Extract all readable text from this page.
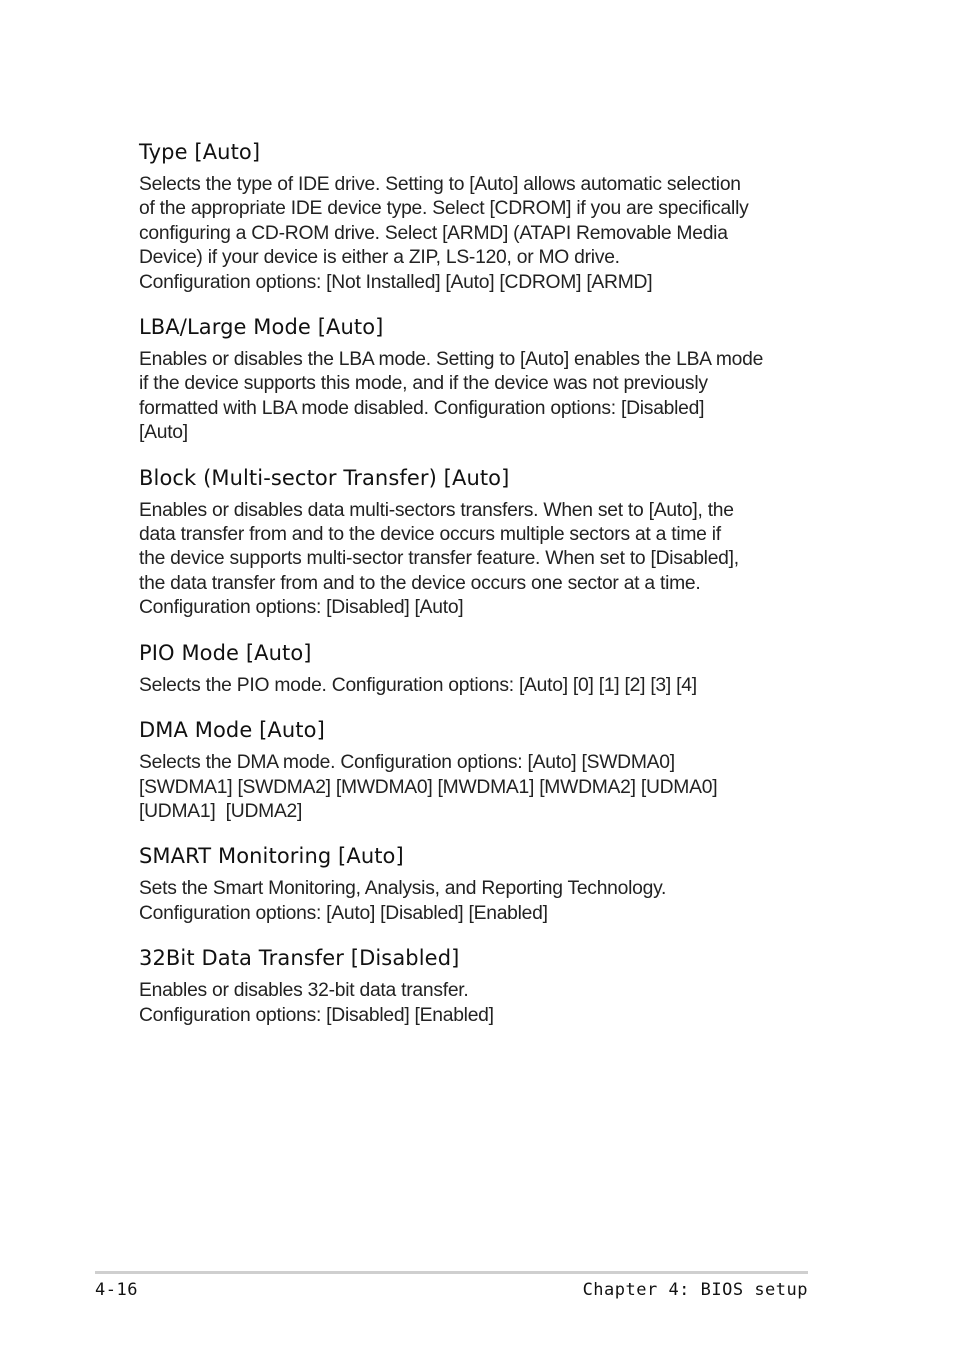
Type [Auto]

Selects the type of IDE drive. Setting to [Auto] allows automatic selection
of the appropriate IDE device type. Select [CDROM] if you are specifically
configuring a CD-ROM drive. Select [ARMD] (ATAPI Removable Media
Device) if your device is either a ZIP, LS-120, or MO drive.
Configuration options: [Not Installed] [Auto] [CDROM] [ARMD]

LBA/Large Mode [Auto]

Enables or disables the LBA mode. Setting to [Auto] enables the LBA mode
if the device supports this mode, and if the device was not previously
formatted with LBA mode disabled. Configuration options: [Disabled]
[Auto]

Block (Multi-sector Transfer) [Auto]

Enables or disables data multi-sectors transfers. When set to [Auto], the
data transfer from and to the device occurs multiple sectors at a time if
the device supports multi-sector transfer feature. When set to [Disabled],
the data transfer from and to the device occurs one sector at a time.
Configuration options: [Disabled] [Auto]

PIO Mode [Auto]

Selects the PIO mode. Configuration options: [Auto] [0] [1] [2] [3] [4]

DMA Mode [Auto]

Selects the DMA mode. Configuration options: [Auto] [SWDMA0]
[SWDMA1] [SWDMA2] [MWDMA0] [MWDMA1] [MWDMA2] [UDMA0]
[UDMA1]  [UDMA2]

SMART Monitoring [Auto]

Sets the Smart Monitoring, Analysis, and Reporting Technology.
Configuration options: [Auto] [Disabled] [Enabled]

32Bit Data Transfer [Disabled]

Enables or disables 32-bit data transfer.
Configuration options: [Disabled] [Enabled]

4-16	Chapter 4: BIOS setup
